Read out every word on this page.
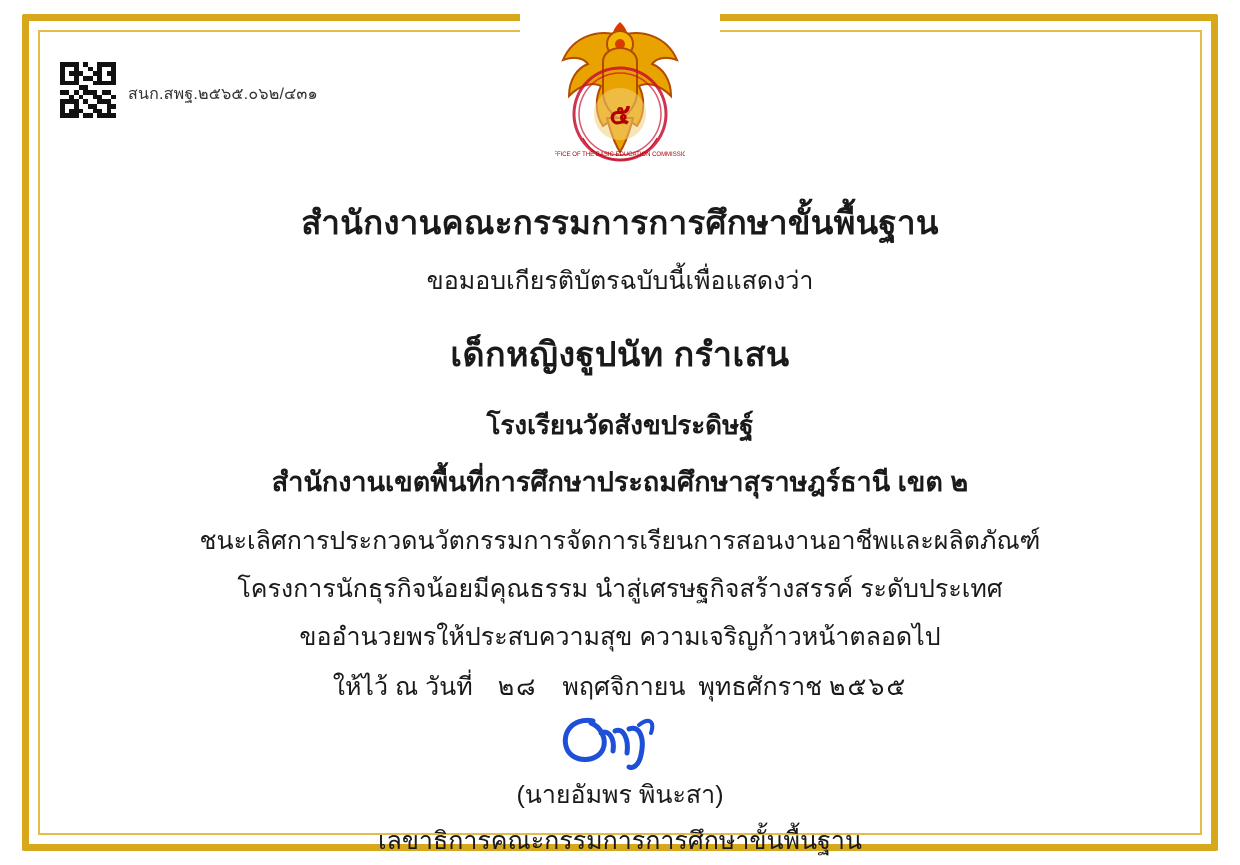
สนก.สพฐ.๒๕๖๕.๐๖๒/๔๓๑
๕
OFFICE OF THE BASIC EDUCATION COMMISSION
สำนักงานคณะกรรมการการศึกษาขั้นพื้นฐาน
ขอมอบเกียรติบัตรฉบับนี้เพื่อแสดงว่า
เด็กหญิงฐูปนัท กรำเสน
โรงเรียนวัดสังขประดิษฐ์
สำนักงานเขตพื้นที่การศึกษาประถมศึกษาสุราษฎร์ธานี เขต ๒
ชนะเลิศการประกวดนวัตกรรมการจัดการเรียนการสอนงานอาชีพและผลิตภัณฑ์
โครงการนักธุรกิจน้อยมีคุณธรรม นำสู่เศรษฐกิจสร้างสรรค์ ระดับประเทศ
ขออำนวยพรให้ประสบความสุข ความเจริญก้าวหน้าตลอดไป
ให้ไว้ ณ วันที่ ๒๘ พฤศจิกายน พุทธศักราช ๒๕๖๕
(นายอัมพร พินะสา)
เลขาธิการคณะกรรมการการศึกษาขั้นพื้นฐาน
